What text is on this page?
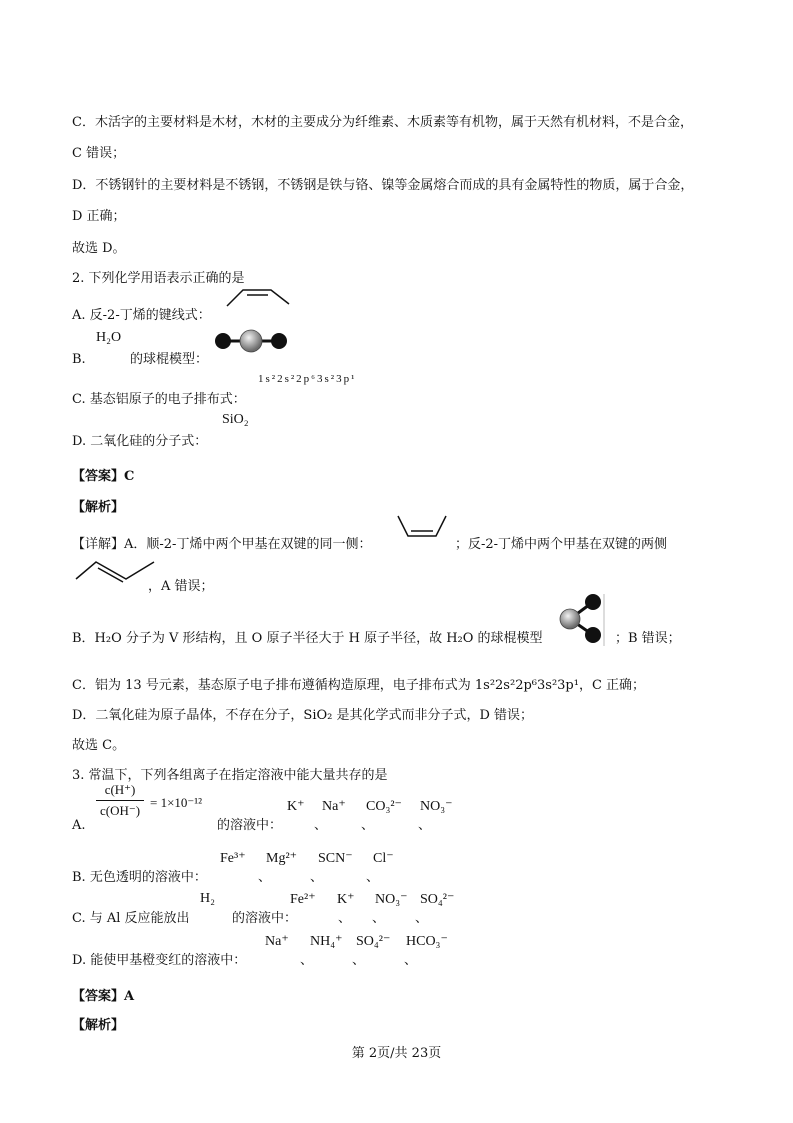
C．木活字的主要材料是木材，木材的主要成分为纤维素、木质素等有机物，属于天然有机材料，不是合金，
C 错误；
D．不锈钢针的主要材料是不锈钢，不锈钢是铁与铬、镍等金属熔合而成的具有金属特性的物质，属于合金，
D 正确；
故选 D。
2. 下列化学用语表示正确的是
A. 反-2-丁烯的键线式：
H₂O
B.	的球棍模型：
1s²2s²2p⁶3s²3p¹
C. 基态铝原子的电子排布式：
SiO₂
D. 二氧化硅的分子式：
【答案】C
【解析】
【详解】A．顺-2-丁烯中两个甲基在双键的同一侧：	；反-2-丁烯中两个甲基在双键的两侧
，A 错误；
B．H₂O 分子为 V 形结构，且 O 原子半径大于 H 原子半径，故 H₂O 的球棍模型	；B 错误；
C．铝为 13 号元素，基态原子电子排布遵循构造原理，电子排布式为 1s²2s²2p⁶3s²3p¹，C 正确；
D．二氧化硅为原子晶体，不存在分子，SiO₂ 是其化学式而非分子式，D 错误；
故选 C。
3. 常温下，下列各组离子在指定溶液中能大量共存的是
$\frac{c(H^+)}{c(OH^-)} = 1\times 10^{-12}$
A.	的溶液中：
K⁺ Na⁺ CO₃²⁻ NO₃⁻
、	、	、
Fe³⁺ Mg²⁺ SCN⁻ Cl⁻
B. 无色透明的溶液中：	、	、	、
H₂	Fe²⁺ K⁺ NO₃⁻ SO₄²⁻
C. 与 Al 反应能放出	的溶液中：	、 、 、
Na⁺ NH₄⁺ SO₄²⁻ HCO₃⁻
D. 能使甲基橙变红的溶液中：	、	、	、
【答案】A
【解析】
第 2页/共 23页
